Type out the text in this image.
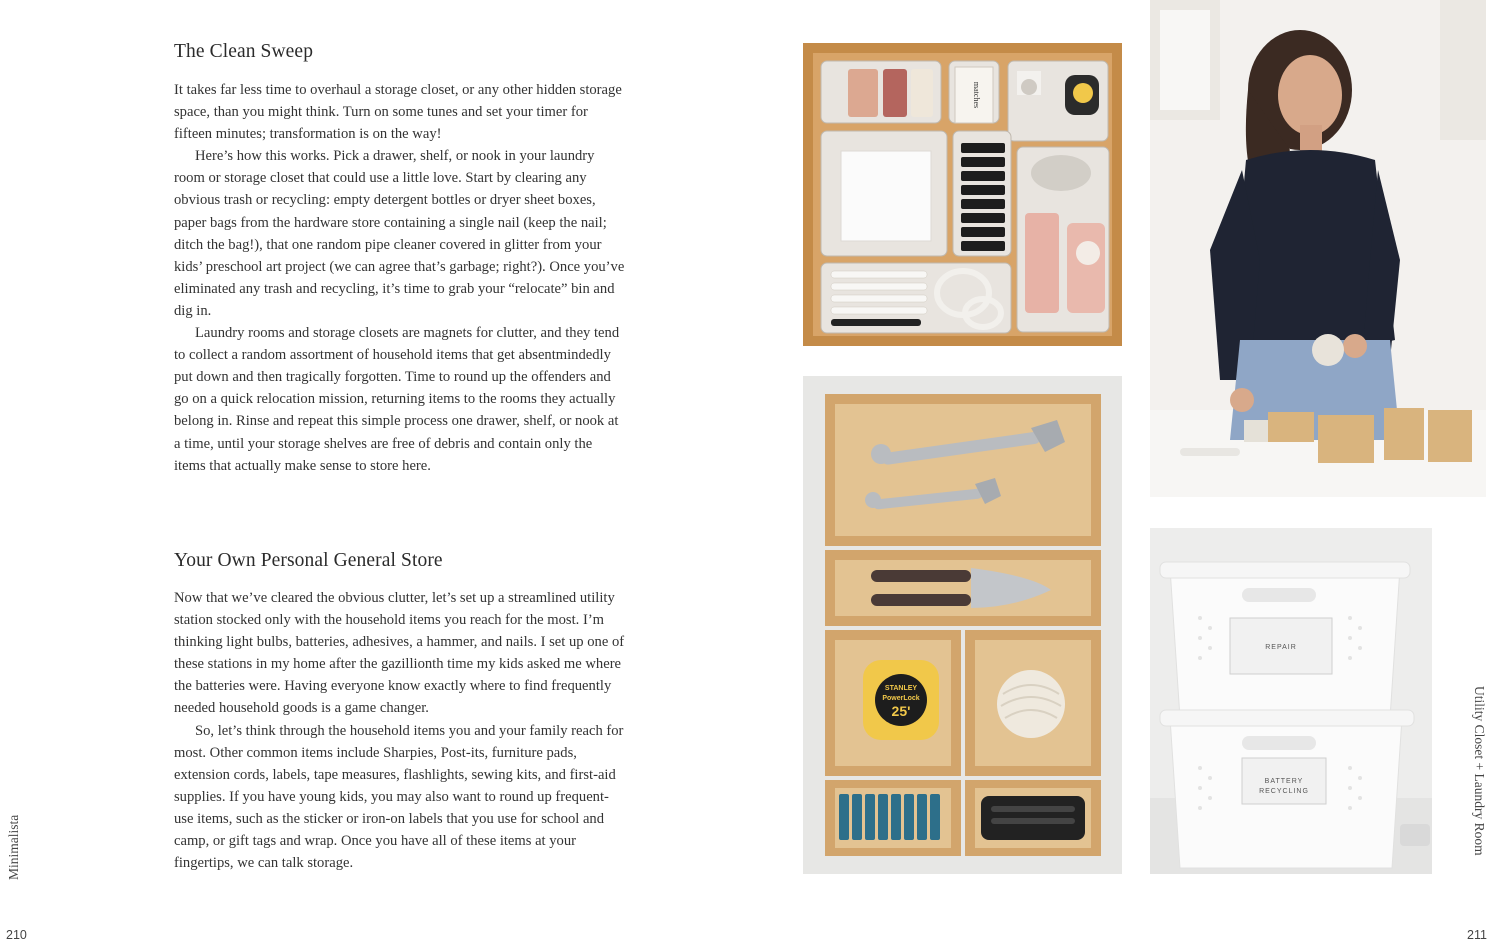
The Clean Sweep

It takes far less time to overhaul a storage closet, or any other hidden storage space, than you might think. Turn on some tunes and set your timer for fifteen minutes; transformation is on the way!

Here’s how this works. Pick a drawer, shelf, or nook in your laundry room or storage closet that could use a little love. Start by clearing any obvious trash or recycling: empty detergent bottles or dryer sheet boxes, paper bags from the hardware store containing a single nail (keep the nail; ditch the bag!), that one random pipe cleaner covered in glitter from your kids’ preschool art project (we can agree that’s garbage; right?). Once you’ve eliminated any trash and recycling, it’s time to grab your “relocate” bin and dig in.

Laundry rooms and storage closets are magnets for clutter, and they tend to collect a random assortment of household items that get absentmindedly put down and then tragically forgotten. Time to round up the offenders and go on a quick relocation mission, returning items to the rooms they actually belong in. Rinse and repeat this simple process one drawer, shelf, or nook at a time, until your storage shelves are free of debris and contain only the items that actually make sense to store here.

Your Own Personal General Store

Now that we’ve cleared the obvious clutter, let’s set up a streamlined utility station stocked only with the household items you reach for the most. I’m thinking light bulbs, batteries, adhesives, a hammer, and nails. I set up one of these stations in my home after the gazillionth time my kids asked me where the batteries were. Having everyone know exactly where to find frequently needed household goods is a game changer.

So, let’s think through the household items you and your family reach for most. Other common items include Sharpies, Post-its, furniture pads, extension cords, labels, tape measures, flashlights, sewing kits, and first-aid supplies. If you have young kids, you may also want to round up frequent-use items, such as the sticker or iron-on labels that you use for school and camp, or gift tags and wrap. Once you have all of these items at your fingertips, we can talk storage.

Minimalista
210
matches
STANLEY
PowerLock
25'
REPAIR
BATTERY
RECYCLING	Utility Closet + Laundry Room
211
